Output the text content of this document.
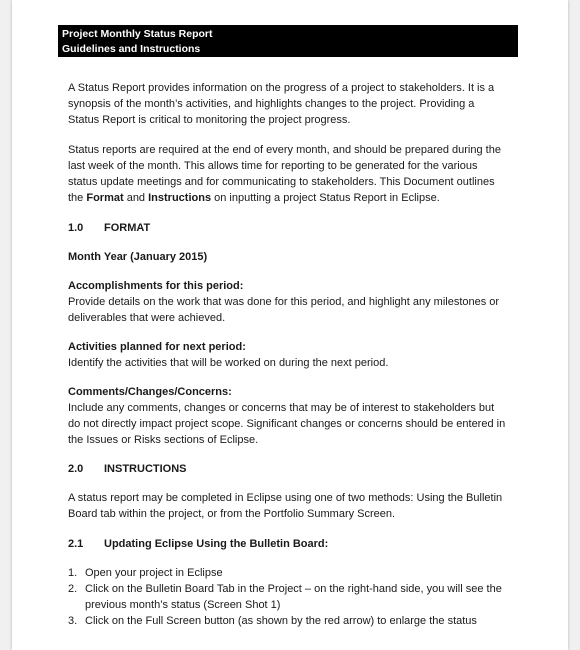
Project Monthly Status Report
Guidelines and Instructions

A Status Report provides information on the progress of a project to stakeholders. It is a synopsis of the month’s activities, and highlights changes to the project. Providing a Status Report is critical to monitoring the project progress.

Status reports are required at the end of every month, and should be prepared during the last week of the month. This allows time for reporting to be generated for the various status update meetings and for communicating to stakeholders. This Document outlines the Format and Instructions on inputting a project Status Report in Eclipse.

1.0	FORMAT

Month Year (January 2015)

Accomplishments for this period:

Provide details on the work that was done for this period, and highlight any milestones or deliverables that were achieved.

Activities planned for next period:

Identify the activities that will be worked on during the next period.

Comments/Changes/Concerns:

Include any comments, changes or concerns that may be of interest to stakeholders but do not directly impact project scope. Significant changes or concerns should be entered in the Issues or Risks sections of Eclipse.

2.0	INSTRUCTIONS

A status report may be completed in Eclipse using one of two methods: Using the Bulletin Board tab within the project, or from the Portfolio Summary Screen.

2.1	Updating Eclipse Using the Bulletin Board:
1. Open your project in Eclipse
2. Click on the Bulletin Board Tab in the Project – on the right-hand side, you will see the previous month’s status (Screen Shot 1)
3. Click on the Full Screen button (as shown by the red arrow) to enlarge the status
